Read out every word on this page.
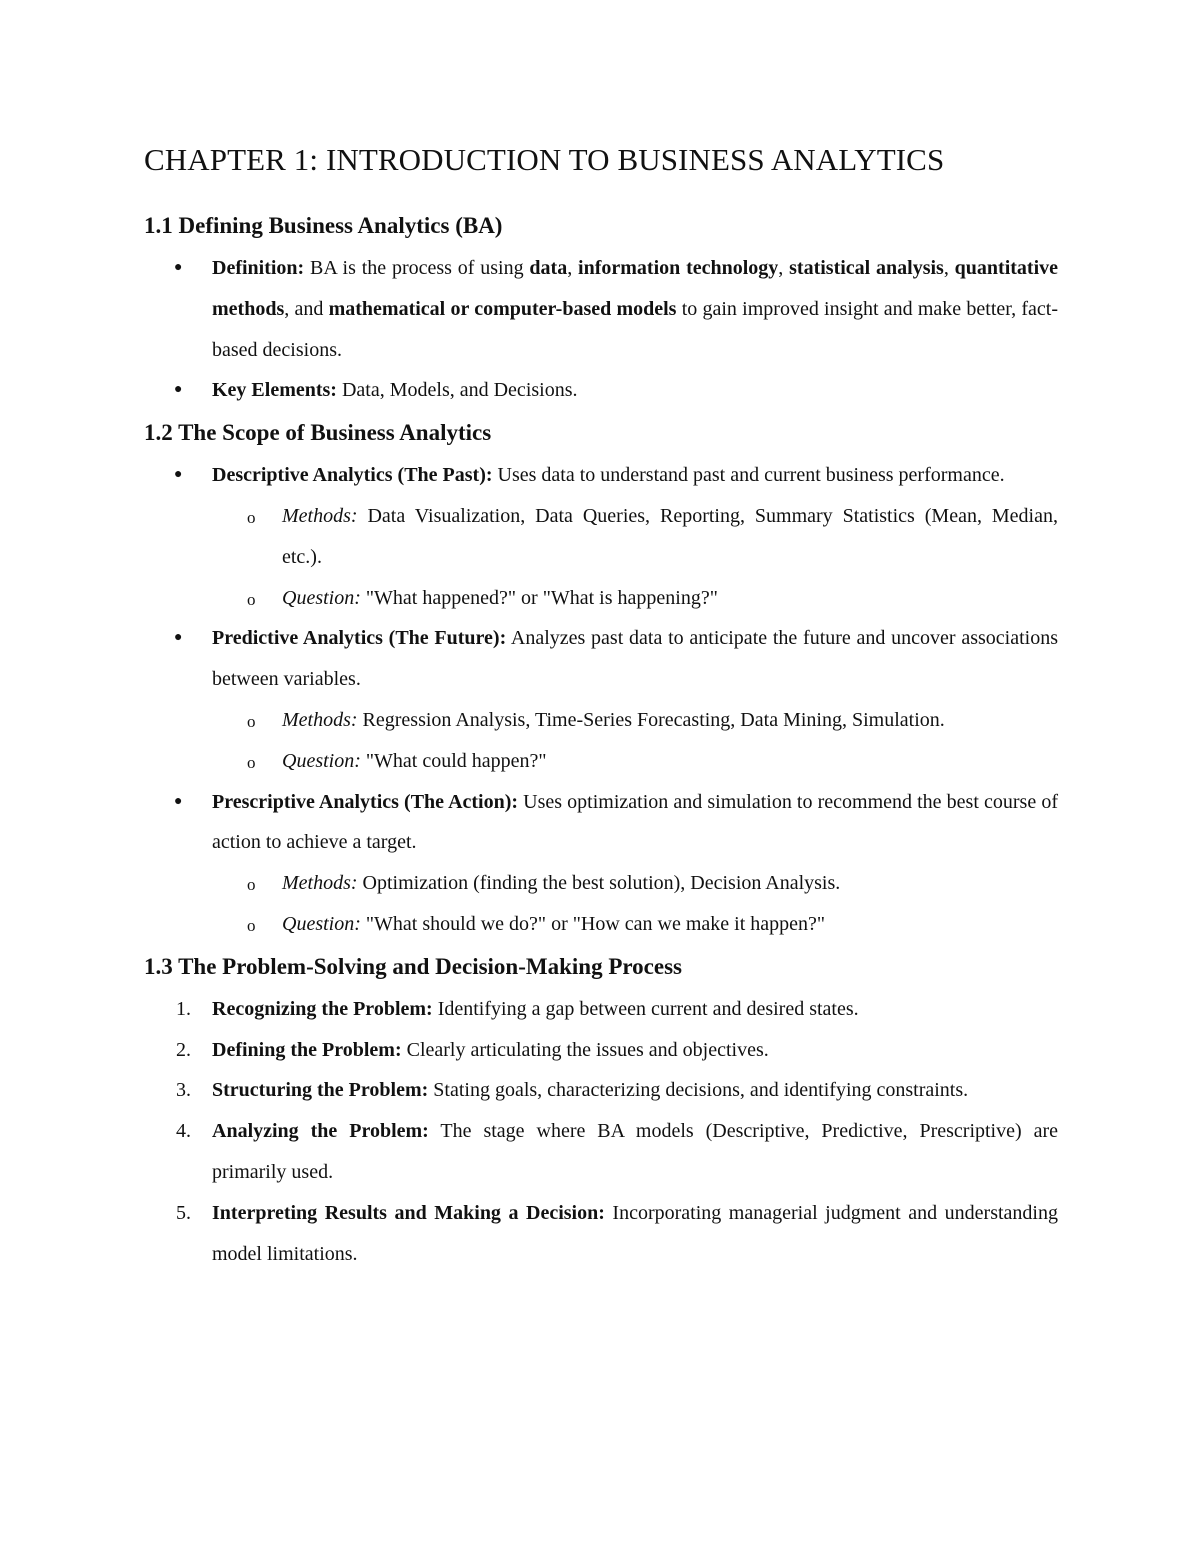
CHAPTER 1: INTRODUCTION TO BUSINESS ANALYTICS
1.1 Defining Business Analytics (BA)
● Definition: BA is the process of using data, information technology, statistical analysis, quantitative methods, and mathematical or computer-based models to gain improved insight and make better, fact-based decisions.
● Key Elements: Data, Models, and Decisions.
1.2 The Scope of Business Analytics
● Descriptive Analytics (The Past): Uses data to understand past and current business performance.
o Methods: Data Visualization, Data Queries, Reporting, Summary Statistics (Mean, Median, etc.).
o Question: "What happened?" or "What is happening?"
● Predictive Analytics (The Future): Analyzes past data to anticipate the future and uncover associations between variables.
o Methods: Regression Analysis, Time-Series Forecasting, Data Mining, Simulation.
o Question: "What could happen?"
● Prescriptive Analytics (The Action): Uses optimization and simulation to recommend the best course of action to achieve a target.
o Methods: Optimization (finding the best solution), Decision Analysis.
o Question: "What should we do?" or "How can we make it happen?"
1.3 The Problem-Solving and Decision-Making Process
1. Recognizing the Problem: Identifying a gap between current and desired states.
2. Defining the Problem: Clearly articulating the issues and objectives.
3. Structuring the Problem: Stating goals, characterizing decisions, and identifying constraints.
4. Analyzing the Problem: The stage where BA models (Descriptive, Predictive, Prescriptive) are primarily used.
5. Interpreting Results and Making a Decision: Incorporating managerial judgment and understanding model limitations.
